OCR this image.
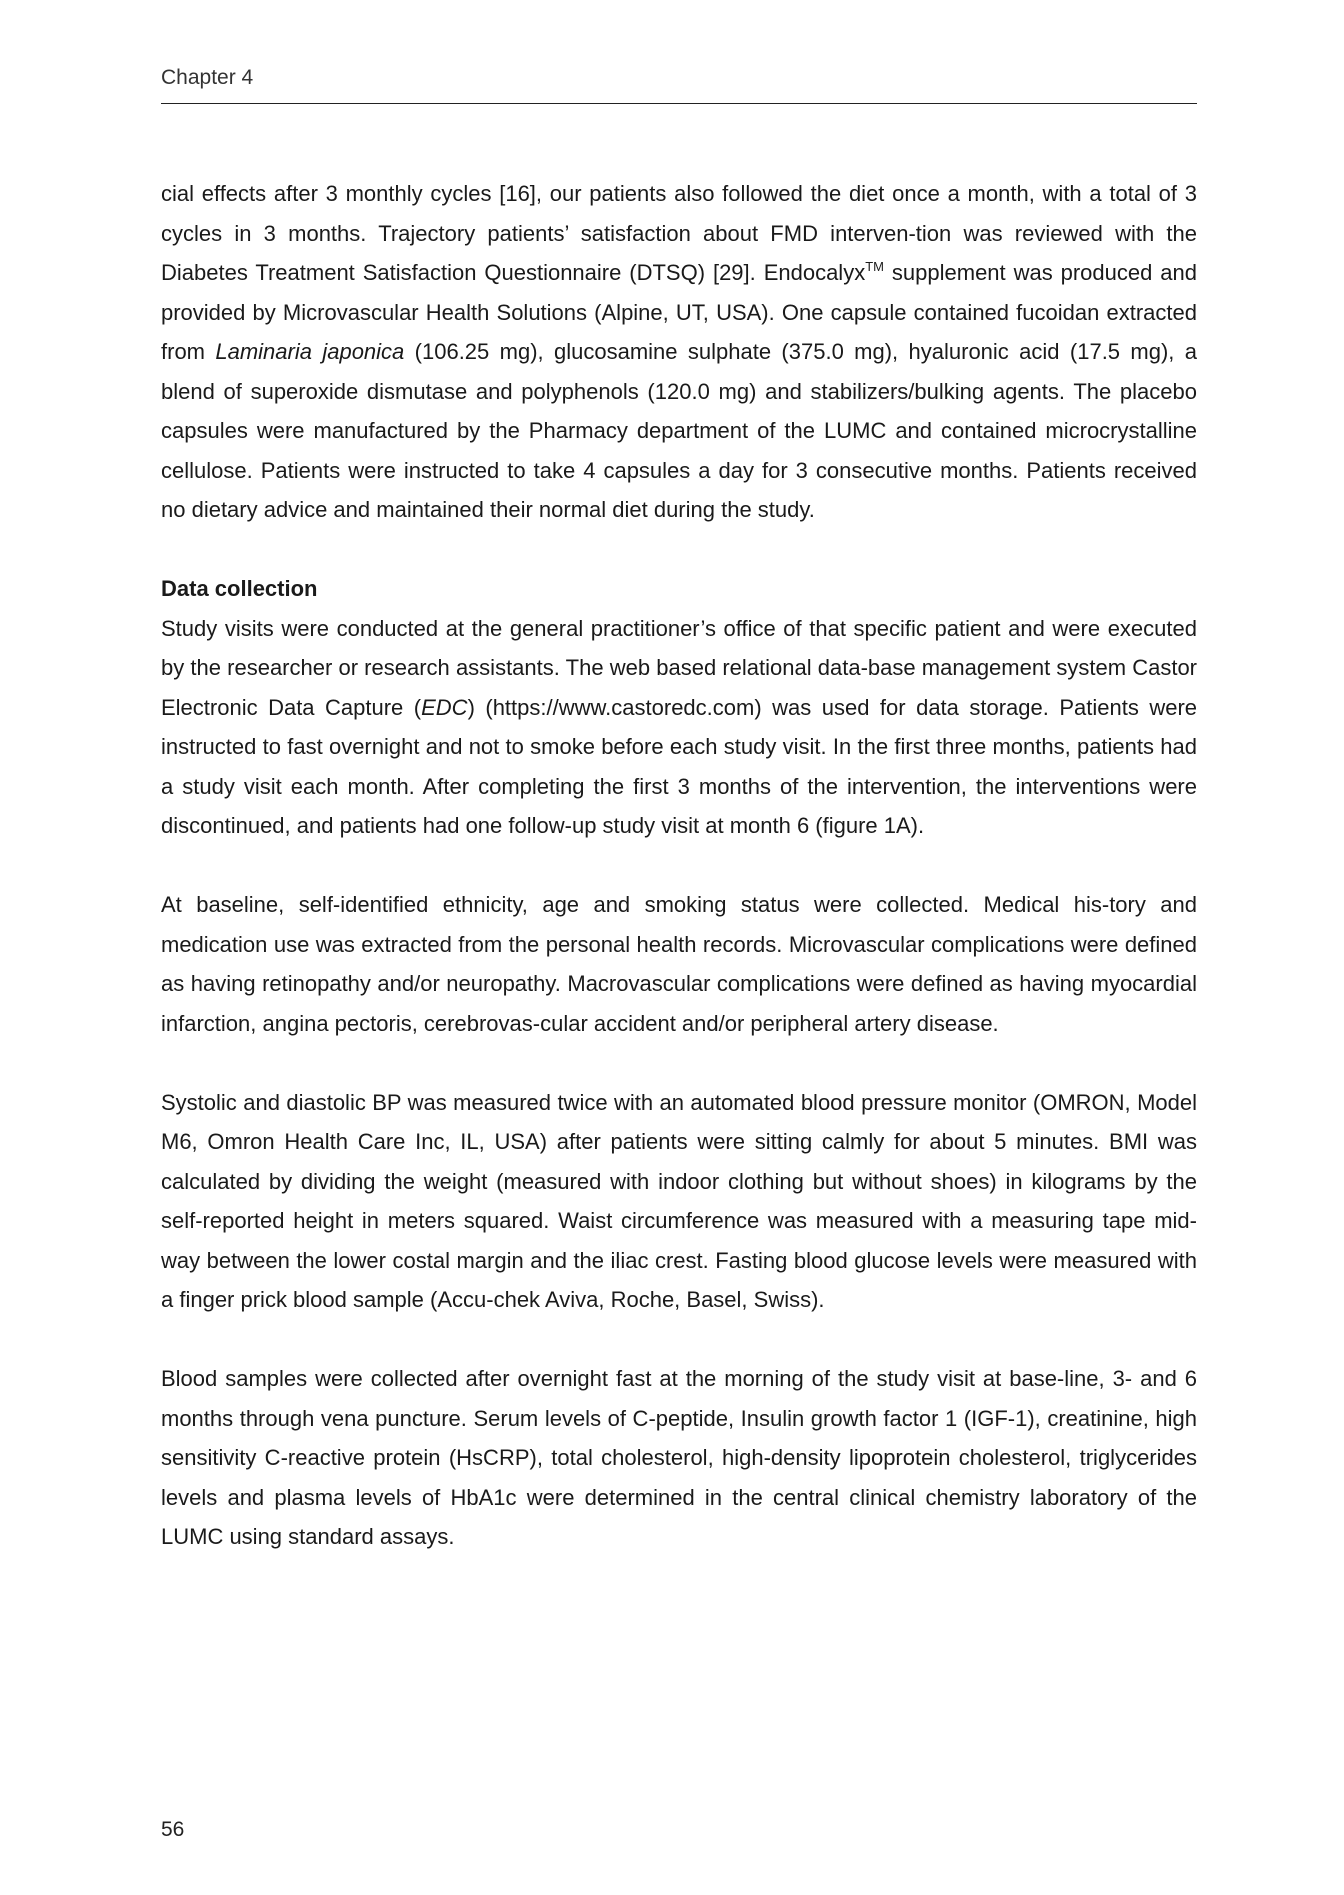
Chapter 4

cial effects after 3 monthly cycles [16], our patients also followed the diet once a month, with a total of 3 cycles in 3 months. Trajectory patients’ satisfaction about FMD interven-tion was reviewed with the Diabetes Treatment Satisfaction Questionnaire (DTSQ) [29]. Endocalyx™ supplement was produced and provided by Microvascular Health Solutions (Alpine, UT, USA). One capsule contained fucoidan extracted from Laminaria japonica (106.25 mg), glucosamine sulphate (375.0 mg), hyaluronic acid (17.5 mg), a blend of superoxide dismutase and polyphenols (120.0 mg) and stabilizers/bulking agents. The placebo capsules were manufactured by the Pharmacy department of the LUMC and contained microcrystalline cellulose. Patients were instructed to take 4 capsules a day for 3 consecutive months. Patients received no dietary advice and maintained their normal diet during the study.

Data collection

Study visits were conducted at the general practitioner’s office of that specific patient and were executed by the researcher or research assistants. The web based relational data-base management system Castor Electronic Data Capture (EDC) (https://www.castoredc.com) was used for data storage. Patients were instructed to fast overnight and not to smoke before each study visit. In the first three months, patients had a study visit each month. After completing the first 3 months of the intervention, the interventions were discontinued, and patients had one follow-up study visit at month 6 (figure 1A).

At baseline, self-identified ethnicity, age and smoking status were collected. Medical his-tory and medication use was extracted from the personal health records. Microvascular complications were defined as having retinopathy and/or neuropathy. Macrovascular complications were defined as having myocardial infarction, angina pectoris, cerebrovas-cular accident and/or peripheral artery disease.

Systolic and diastolic BP was measured twice with an automated blood pressure monitor (OMRON, Model M6, Omron Health Care Inc, IL, USA) after patients were sitting calmly for about 5 minutes. BMI was calculated by dividing the weight (measured with indoor clothing but without shoes) in kilograms by the self-reported height in meters squared. Waist circumference was measured with a measuring tape mid-way between the lower costal margin and the iliac crest. Fasting blood glucose levels were measured with a finger prick blood sample (Accu-chek Aviva, Roche, Basel, Swiss).

Blood samples were collected after overnight fast at the morning of the study visit at base-line, 3- and 6 months through vena puncture. Serum levels of C-peptide, Insulin growth factor 1 (IGF-1), creatinine, high sensitivity C-reactive protein (HsCRP), total cholesterol, high-density lipoprotein cholesterol, triglycerides levels and plasma levels of HbA1c were determined in the central clinical chemistry laboratory of the LUMC using standard assays.

56
